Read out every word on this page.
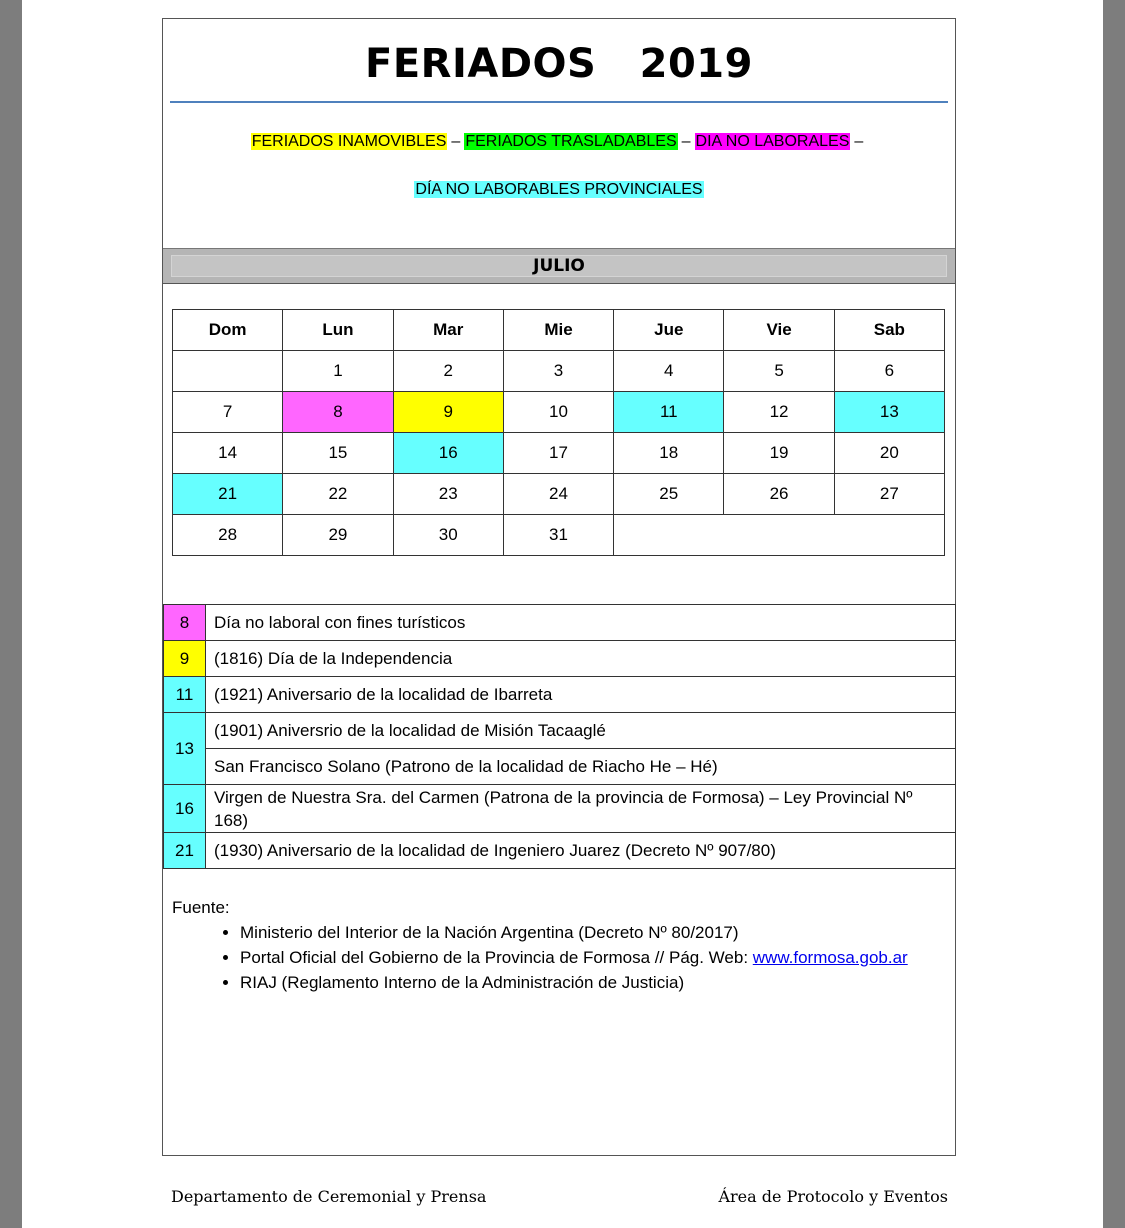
FERIADOS   2019
FERIADOS INAMOVIBLES – FERIADOS TRASLADABLES – DIA NO LABORALES –
DÍA NO LABORABLES PROVINCIALES
JULIO
Dom	Lun	Mar	Mie	Jue	Vie	Sab
	1	2	3	4	5	6
7	8	9	10	11	12	13
14	15	16	17	18	19	20
21	22	23	24	25	26	27
28	29	30	31			
8	Día no laboral con fines turísticos
9	(1816) Día de la Independencia
11	(1921) Aniversario de la localidad de Ibarreta
13	(1901) Aniversrio de la localidad de Misión Tacaaglé
	San Francisco Solano (Patrono de la localidad de Riacho He – Hé)
16	Virgen de Nuestra Sra. del Carmen (Patrona de la provincia de Formosa) – Ley Provincial Nº 168)
21	(1930) Aniversario de la localidad de Ingeniero Juarez (Decreto Nº 907/80)
Fuente:
• Ministerio del Interior de la Nación Argentina (Decreto Nº 80/2017)
• Portal Oficial del Gobierno de la Provincia de Formosa // Pág. Web: www.formosa.gob.ar
• RIAJ (Reglamento Interno de la Administración de Justicia)
Departamento de Ceremonial y Prensa	Área de Protocolo y Eventos
